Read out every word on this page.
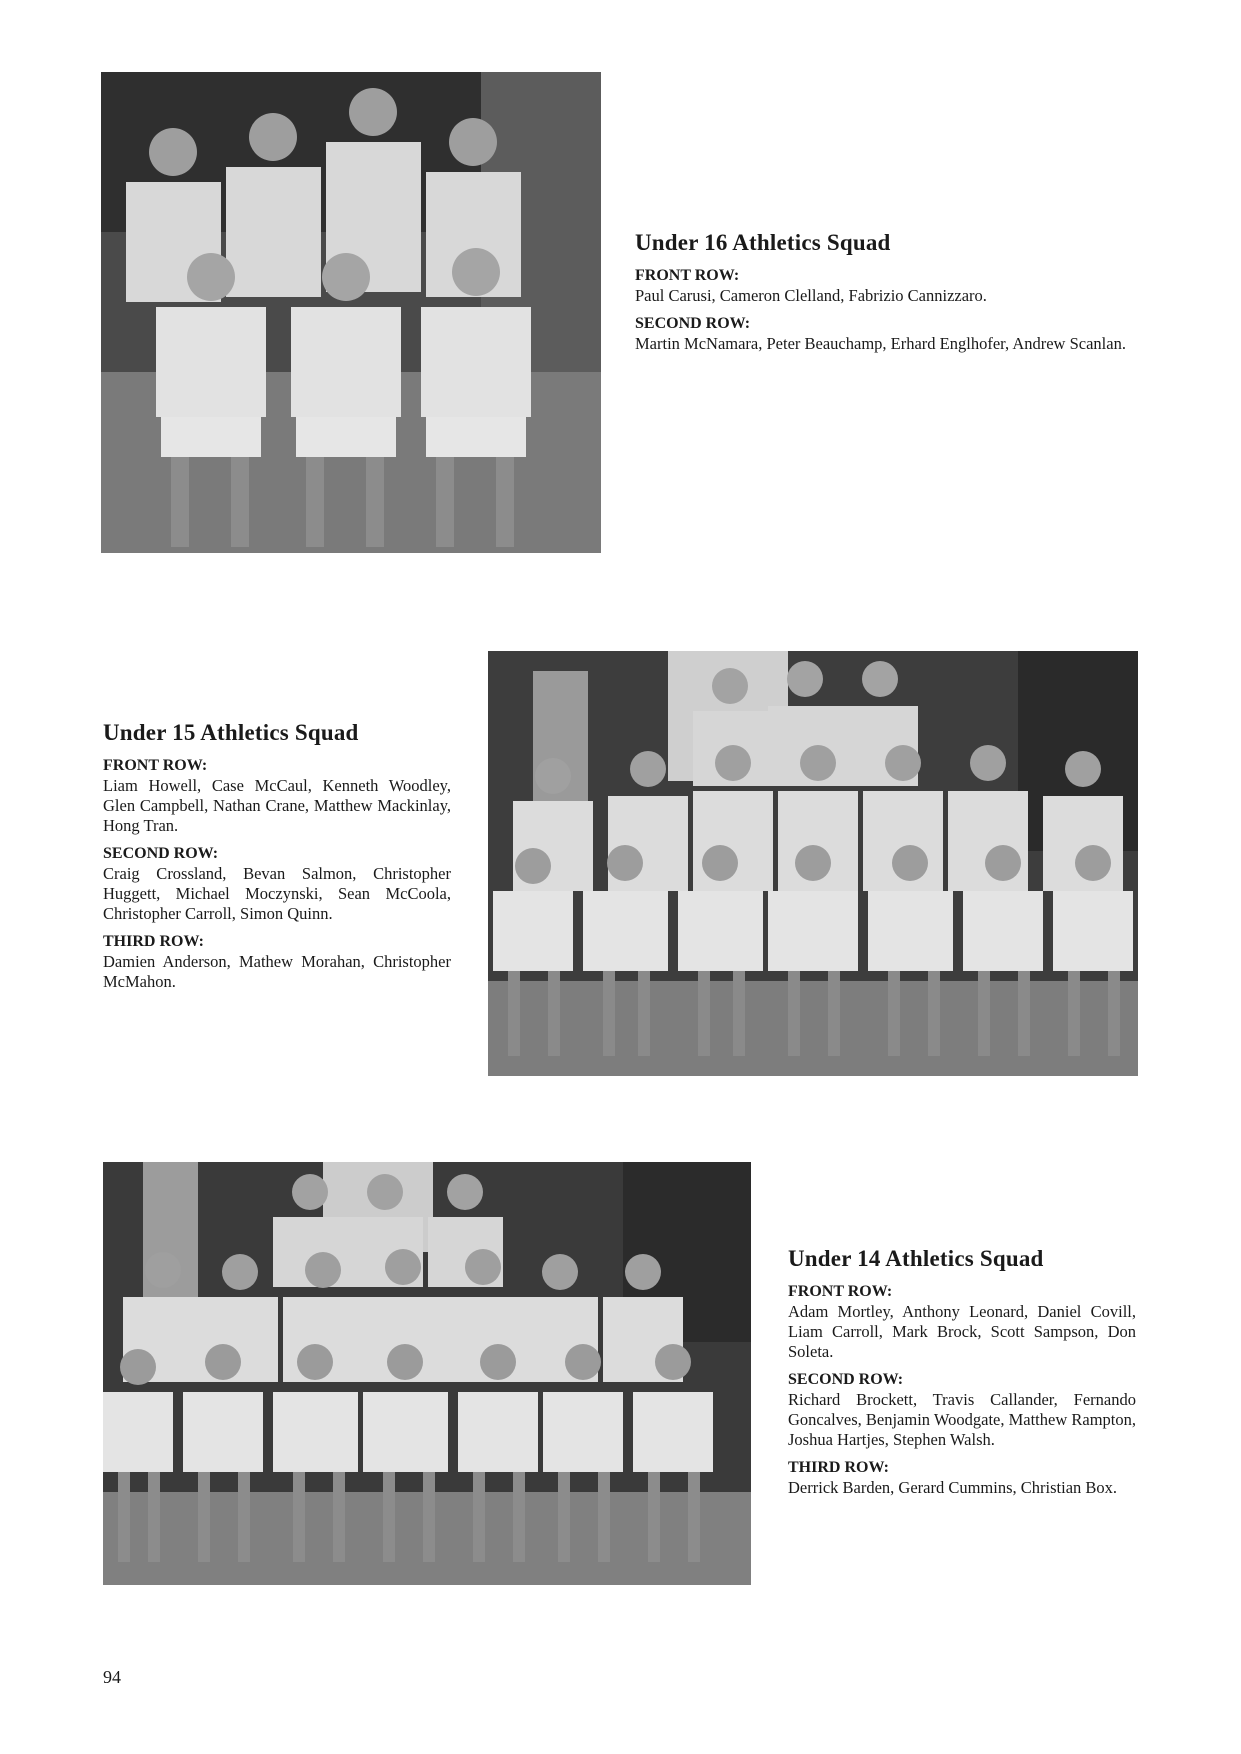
Under 16 Athletics Squad

FRONT ROW:

Paul Carusi, Cameron Clelland, Fabrizio Cannizzaro.

SECOND ROW:

Martin McNamara, Peter Beauchamp, Erhard Englhofer, Andrew Scanlan.

Under 15 Athletics Squad

FRONT ROW:

Liam Howell, Case McCaul, Kenneth Woodley, Glen Campbell, Nathan Crane, Matthew Mackinlay, Hong Tran.

SECOND ROW:

Craig Crossland, Bevan Salmon, Christopher Huggett, Michael Moczynski, Sean McCoola, Christopher Carroll, Simon Quinn.

THIRD ROW:

Damien Anderson, Mathew Morahan, Christopher McMahon.

Under 14 Athletics Squad

FRONT ROW:

Adam Mortley, Anthony Leonard, Daniel Covill, Liam Carroll, Mark Brock, Scott Sampson, Don Soleta.

SECOND ROW:

Richard Brockett, Travis Callander, Fernando Goncalves, Benjamin Woodgate, Matthew Rampton, Joshua Hartjes, Stephen Walsh.

THIRD ROW:

Derrick Barden, Gerard Cummins, Christian Box.

94
